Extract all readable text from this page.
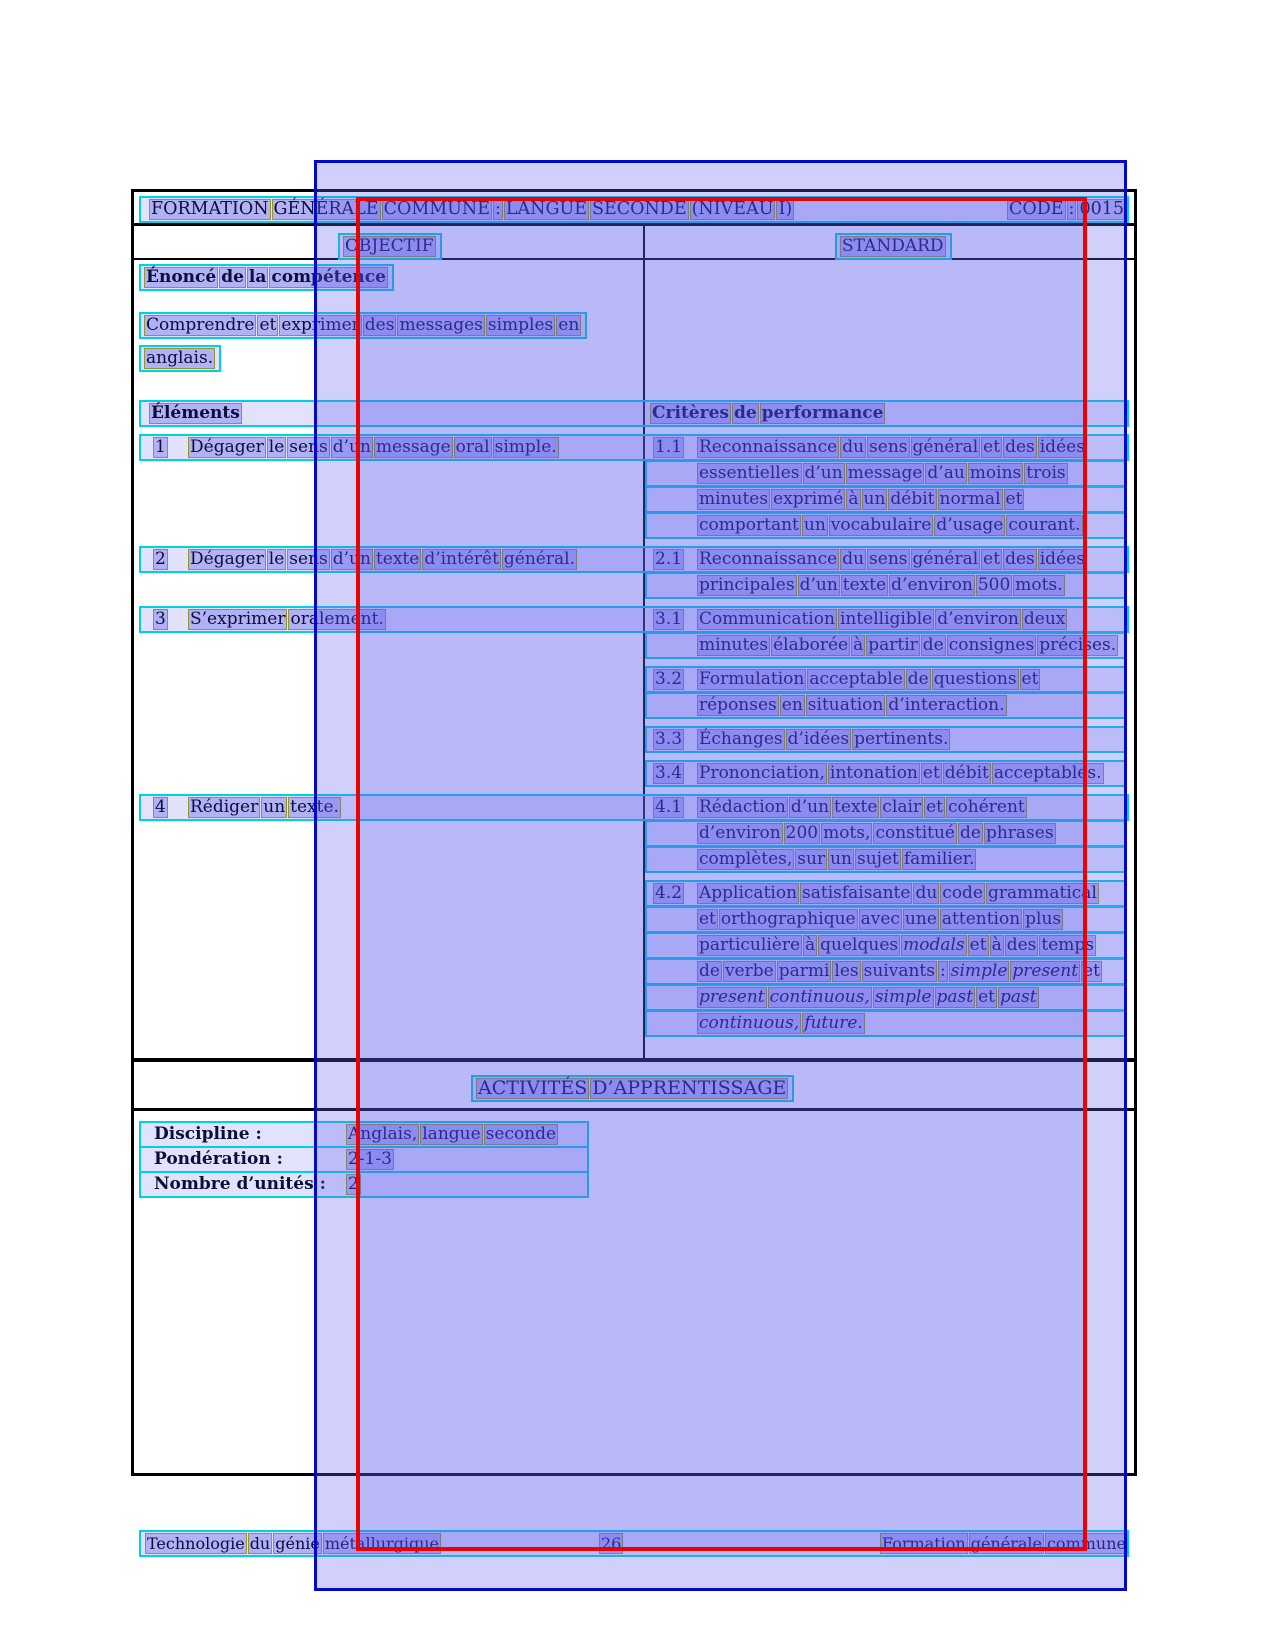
FORMATION GÉNÉRALE COMMUNE : LANGUE SECONDE (NIVEAU I)	CODE : 0015
OBJECTIF	STANDARD
Énoncé de la compétence
Comprendre et exprimer des messages simples en
anglais.
Éléments	Critères de performance
1 Dégager le sens d’un message oral simple.	1.1 Reconnaissance du sens général et des idées
essentielles d’un message d’au moins trois
minutes exprimé à un débit normal et
comportant un vocabulaire d’usage courant.
2 Dégager le sens d’un texte d’intérêt général.	2.1 Reconnaissance du sens général et des idées
principales d’un texte d’environ 500 mots.
3 S’exprimer oralement.	3.1 Communication intelligible d’environ deux
minutes élaborée à partir de consignes précises.
3.2 Formulation acceptable de questions et
réponses en situation d’interaction.
3.3 Échanges d’idées pertinents.
3.4 Prononciation, intonation et débit acceptables.
4 Rédiger un texte.	4.1 Rédaction d’un texte clair et cohérent
d’environ 200 mots, constitué de phrases
complètes, sur un sujet familier.
4.2 Application satisfaisante du code grammatical
et orthographique avec une attention plus
particulière à quelques modals et à des temps
de verbe parmi les suivants : simple present et
present continuous, simple past et past
continuous, future.
ACTIVITÉS D’APPRENTISSAGE
Discipline :	Anglais, langue seconde
Pondération :	2-1-3
Nombre d’unités : 2
Technologie du génie métallurgique	26	Formation générale commune
